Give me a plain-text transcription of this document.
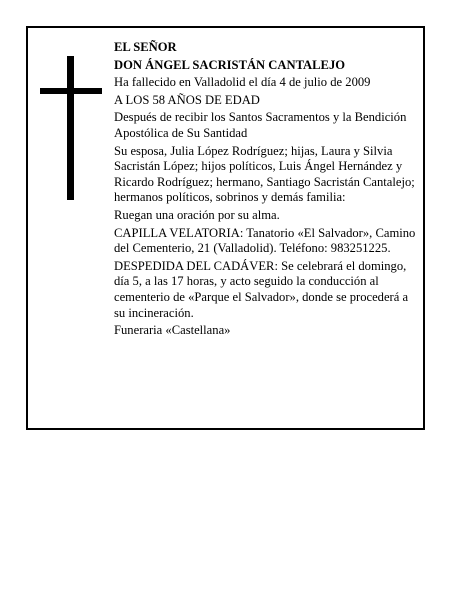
EL SEÑOR

DON ÁNGEL SACRISTÁN CANTALEJO

Ha fallecido en Valladolid el día 4 de julio de 2009

A LOS 58 AÑOS DE EDAD

Después de recibir los Santos Sacramentos y la Bendición Apostólica de Su Santidad

Su esposa, Julia López Rodríguez; hijas, Laura y Silvia Sacristán López; hijos políticos, Luis Ángel Hernández y Ricardo Rodríguez; hermano, Santiago Sacristán Cantalejo; hermanos políticos, sobrinos y demás familia:

Ruegan una oración por su alma.

CAPILLA VELATORIA: Tanatorio «El Salvador», Camino del Cementerio, 21 (Valladolid). Teléfono: 983251225.

DESPEDIDA DEL CADÁVER: Se celebrará el domingo, día 5, a las 17 horas, y acto seguido la conducción al cementerio de «Parque el Salvador», donde se procederá a su incineración.

Funeraria «Castellana»
